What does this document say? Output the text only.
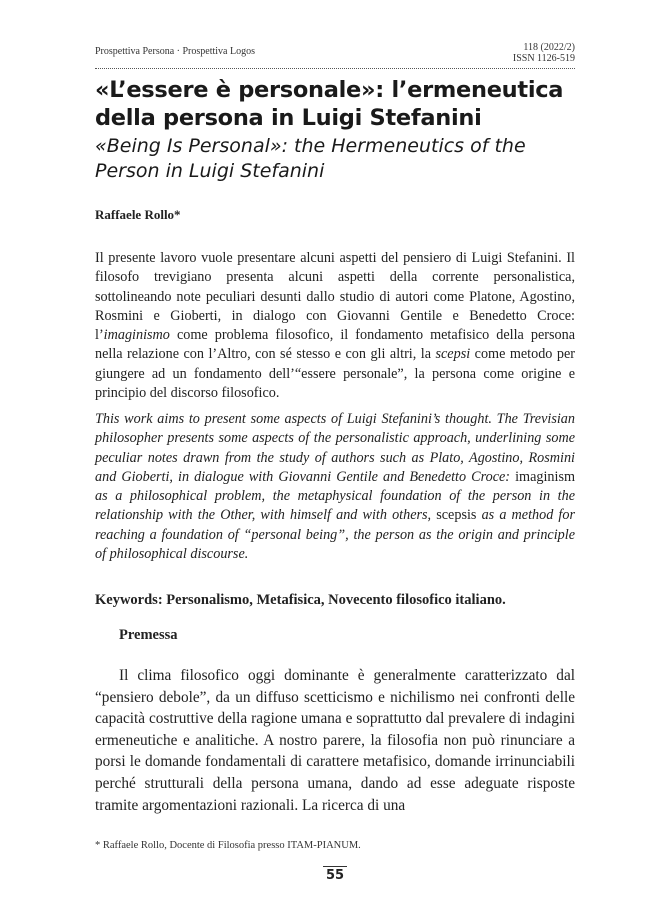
Prospettiva Persona · Prospettiva Logos	118 (2022/2)
ISSN 1126-519
«L’essere è personale»: l’ermeneutica
della persona in Luigi Stefanini
«Being Is Personal»: the Hermeneutics of the
Person in Luigi Stefanini
Raffaele Rollo*

Il presente lavoro vuole presentare alcuni aspetti del pensiero di Luigi Stefanini. Il filosofo trevigiano presenta alcuni aspetti della corrente personalistica, sottolineando note peculiari desunti dallo studio di autori come Platone, Agostino, Rosmini e Gioberti, in dialogo con Giovanni Gentile e Benedetto Croce: l’imaginismo come problema filosofico, il fondamento metafisico della persona nella relazione con l’Altro, con sé stesso e con gli altri, la scepsi come metodo per giungere ad un fondamento dell’“essere personale”, la persona come origine e principio del discorso filosofico.

This work aims to present some aspects of Luigi Stefanini’s thought. The Trevisian philosopher presents some aspects of the personalistic approach, underlining some peculiar notes drawn from the study of authors such as Plato, Agostino, Rosmini and Gioberti, in dialogue with Giovanni Gentile and Benedetto Croce: imaginism as a philosophical problem, the metaphysical foundation of the person in the relationship with the Other, with himself and with others, scepsis as a method for reaching a foundation of “personal being”, the person as the origin and principle of philosophical discourse.

Keywords: Personalismo, Metafisica, Novecento filosofico italiano.
Premessa

Il clima filosofico oggi dominante è generalmente caratterizzato dal “pensiero debole”, da un diffuso scetticismo e nichilismo nei confronti delle capacità costruttive della ragione umana e soprattutto dal prevalere di indagini ermeneutiche e analitiche. A nostro parere, la filosofia non può rinunciare a porsi le domande fondamentali di carattere metafisico, domande irrinunciabili perché strutturali della persona umana, dando ad esse adeguate risposte tramite argomentazioni razionali. La ricerca di una

* Raffaele Rollo, Docente di Filosofia presso ITAM-PIANUM.
55
